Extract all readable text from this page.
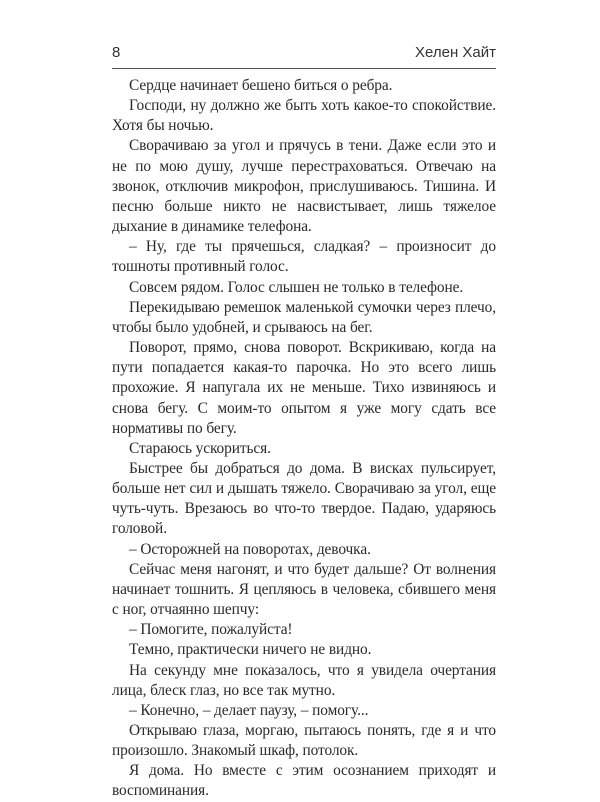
8	Хелен Хайт

Сердце начинает бешено биться о ребра.

Господи, ну должно же быть хоть какое-то спокойствие. Хотя бы ночью.

Сворачиваю за угол и прячусь в тени. Даже если это и не по мою душу, лучше перестраховаться. Отвечаю на звонок, отключив микрофон, прислушиваюсь. Тишина. И песню больше никто не насвистывает, лишь тяжелое дыхание в динамике телефона.

– Ну, где ты прячешься, сладкая? – произносит до тошноты противный голос.

Совсем рядом. Голос слышен не только в телефоне.

Перекидываю ремешок маленькой сумочки через плечо, чтобы было удобней, и срываюсь на бег.

Поворот, прямо, снова поворот. Вскрикиваю, когда на пути попадается какая-то парочка. Но это всего лишь прохожие. Я напугала их не меньше. Тихо извиняюсь и снова бегу. С моим-то опытом я уже могу сдать все нормативы по бегу.

Стараюсь ускориться.

Быстрее бы добраться до дома. В висках пульсирует, больше нет сил и дышать тяжело. Сворачиваю за угол, еще чуть-чуть. Врезаюсь во что-то твердое. Падаю, ударяюсь головой.

– Осторожней на поворотах, девочка.

Сейчас меня нагонят, и что будет дальше? От волнения начинает тошнить. Я цепляюсь в человека, сбившего меня с ног, отчаянно шепчу:

– Помогите, пожалуйста!

Темно, практически ничего не видно.

На секунду мне показалось, что я увидела очертания лица, блеск глаз, но все так мутно.

– Конечно, – делает паузу, – помогу...

Открываю глаза, моргаю, пытаюсь понять, где я и что произошло. Знакомый шкаф, потолок.

Я дома. Но вместе с этим осознанием приходят и воспоминания.
